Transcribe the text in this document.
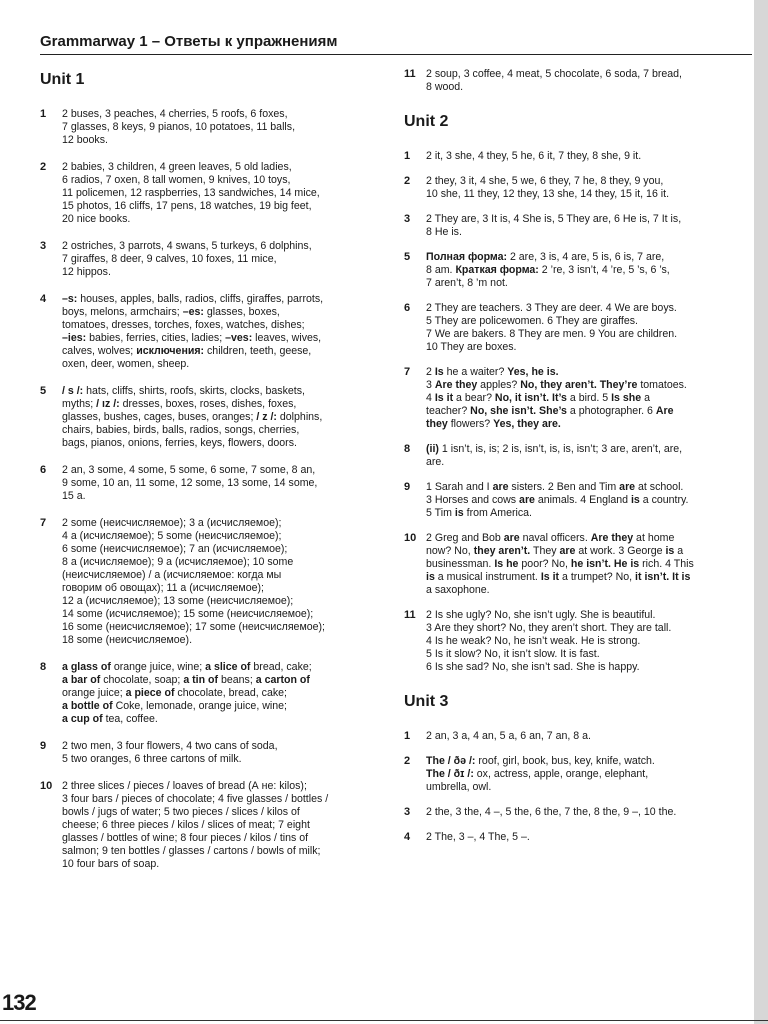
Grammarway 1 – Ответы к упражнениям
Unit 1
1	2 buses, 3 peaches, 4 cherries, 5 roofs, 6 foxes,
7 glasses, 8 keys, 9 pianos, 10 potatoes, 11 balls,
12 books.
2	2 babies, 3 children, 4 green leaves, 5 old ladies,
6 radios, 7 oxen, 8 tall women, 9 knives, 10 toys,
11 policemen, 12 raspberries, 13 sandwiches, 14 mice,
15 photos, 16 cliffs, 17 pens, 18 watches, 19 big feet,
20 nice books.
3	2 ostriches, 3 parrots, 4 swans, 5 turkeys, 6 dolphins,
7 giraffes, 8 deer, 9 calves, 10 foxes, 11 mice,
12 hippos.
4	–s: houses, apples, balls, radios, cliffs, giraffes, parrots,
boys, melons, armchairs; –es: glasses, boxes,
tomatoes, dresses, torches, foxes, watches, dishes;
–ies: babies, ferries, cities, ladies; –ves: leaves, wives,
calves, wolves; исключения: children, teeth, geese,
oxen, deer, women, sheep.
5	/ s /: hats, cliffs, shirts, roofs, skirts, clocks, baskets,
myths; / ız /: dresses, boxes, roses, dishes, foxes,
glasses, bushes, cages, buses, oranges; / z /: dolphins,
chairs, babies, birds, balls, radios, songs, cherries,
bags, pianos, onions, ferries, keys, flowers, doors.
6	2 an, 3 some, 4 some, 5 some, 6 some, 7 some, 8 an,
9 some, 10 an, 11 some, 12 some, 13 some, 14 some,
15 a.
7	2 some (неисчисляемое); 3 a (исчисляемое);
4 a (исчисляемое); 5 some (неисчисляемое);
6 some (неисчисляемое); 7 an (исчисляемое);
8 a (исчисляемое); 9 a (исчисляемое); 10 some
(неисчисляемое) / a (исчисляемое: когда мы
говорим об овощах); 11 a (исчисляемое);
12 a (исчисляемое); 13 some (неисчисляемое);
14 some (исчисляемое); 15 some (неисчисляемое);
16 some (неисчисляемое); 17 some (неисчисляемое);
18 some (неисчисляемое).
8	a glass of orange juice, wine; a slice of bread, cake;
a bar of chocolate, soap; a tin of beans; a carton of
orange juice; a piece of chocolate, bread, cake;
a bottle of Coke, lemonade, orange juice, wine;
a cup of tea, coffee.
9	2 two men, 3 four flowers, 4 two cans of soda,
5 two oranges, 6 three cartons of milk.
10 2 three slices / pieces / loaves of bread (А не: kilos);
3 four bars / pieces of chocolate; 4 five glasses / bottles /
bowls / jugs of water; 5 two pieces / slices / kilos of
cheese; 6 three pieces / kilos / slices of meat; 7 eight
glasses / bottles of wine; 8 four pieces / kilos / tins of
salmon; 9 ten bottles / glasses / cartons / bowls of milk;
10 four bars of soap.
11 2 soup, 3 coffee, 4 meat, 5 chocolate, 6 soda, 7 bread,
8 wood.
Unit 2
1	2 it, 3 she, 4 they, 5 he, 6 it, 7 they, 8 she, 9 it.
2	2 they, 3 it, 4 she, 5 we, 6 they, 7 he, 8 they, 9 you,
10 she, 11 they, 12 they, 13 she, 14 they, 15 it, 16 it.
3	2 They are, 3 It is, 4 She is, 5 They are, 6 He is, 7 It is,
8 He is.
5	Полная форма: 2 are, 3 is, 4 are, 5 is, 6 is, 7 are,
8 am. Краткая форма: 2 ’re, 3 isn’t, 4 ’re, 5 ’s, 6 ’s,
7 aren’t, 8 ’m not.
6	2 They are teachers. 3 They are deer. 4 We are boys.
5 They are policewomen. 6 They are giraffes.
7 We are bakers. 8 They are men. 9 You are children.
10 They are boxes.
7	2 Is he a waiter? Yes, he is.
3 Are they apples? No, they aren’t. They’re tomatoes.
4 Is it a bear? No, it isn’t. It’s a bird. 5 Is she a
teacher? No, she isn’t. She’s a photographer. 6 Are
they flowers? Yes, they are.
8	(ii) 1 isn’t, is, is; 2 is, isn’t, is, is, isn’t; 3 are, aren’t, are,
are.
9	1 Sarah and I are sisters. 2 Ben and Tim are at school.
3 Horses and cows are animals. 4 England is a country.
5 Tim is from America.
10 2 Greg and Bob are naval officers. Are they at home
now? No, they aren’t. They are at work. 3 George is a
businessman. Is he poor? No, he isn’t. He is rich. 4 This
is a musical instrument. Is it a trumpet? No, it isn’t. It is
a saxophone.
11 2 Is she ugly? No, she isn’t ugly. She is beautiful.
3 Are they short? No, they aren’t short. They are tall.
4 Is he weak? No, he isn’t weak. He is strong.
5 Is it slow? No, it isn’t slow. It is fast.
6 Is she sad? No, she isn’t sad. She is happy.
Unit 3
1	2 an, 3 a, 4 an, 5 a, 6 an, 7 an, 8 a.
2	The / ðə /: roof, girl, book, bus, key, knife, watch.
The / ðɪ /: ox, actress, apple, orange, elephant,
umbrella, owl.
3	2 the, 3 the, 4 –, 5 the, 6 the, 7 the, 8 the, 9 –, 10 the.
4	2 The, 3 –, 4 The, 5 –.
132
